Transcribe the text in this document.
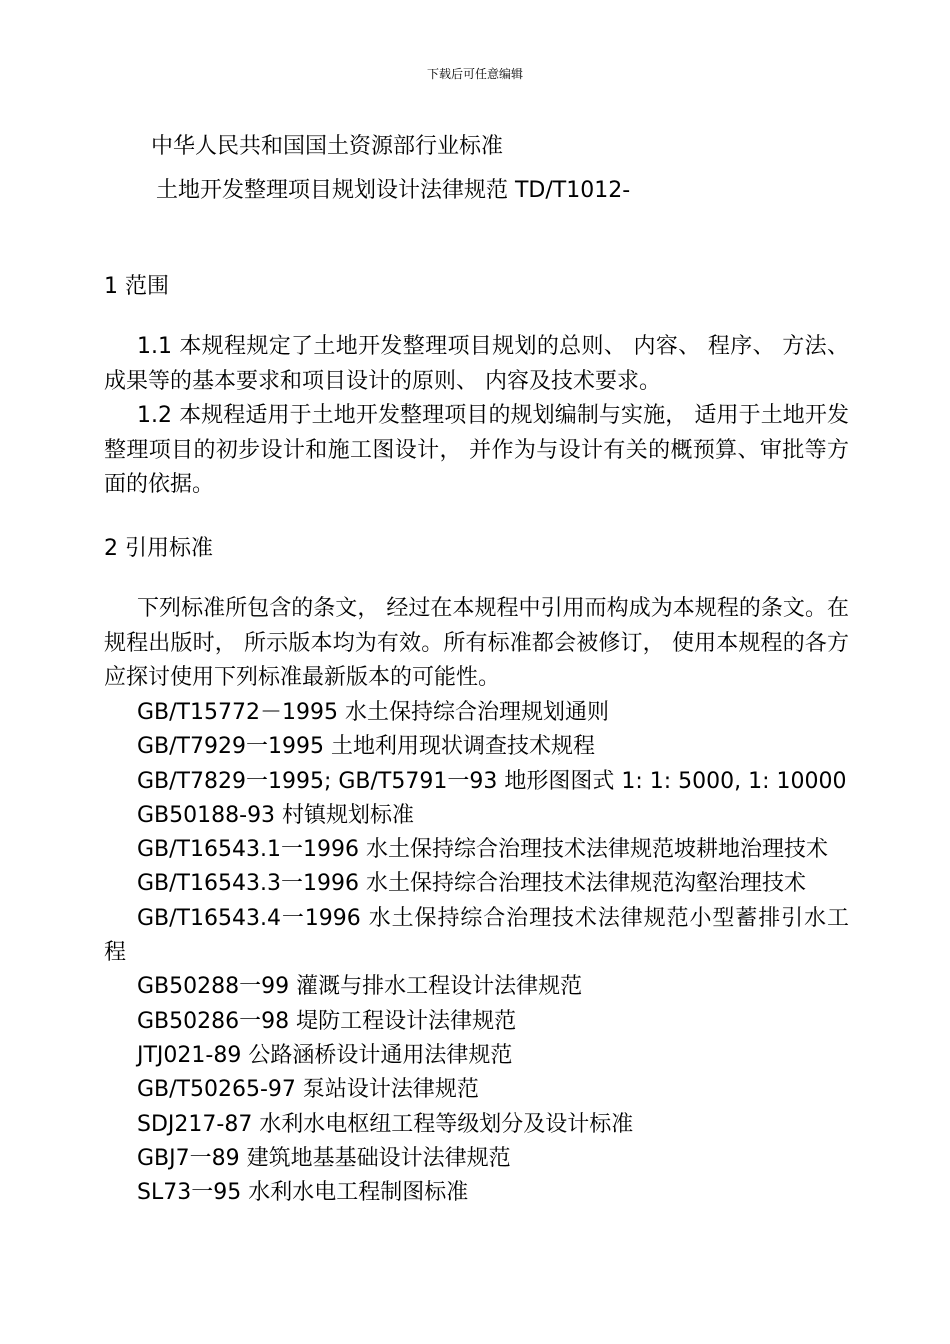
下载后可任意编辑
中华人民共和国国土资源部行业标准
土地开发整理项目规划设计法律规范 TD/T1012-
1 范围

1.1 本规程规定了土地开发整理项目规划的总则、 内容、 程序、 方法、 成果等的基本要求和项目设计的原则、 内容及技术要求。

1.2 本规程适用于土地开发整理项目的规划编制与实施， 适用于土地开发整理项目的初步设计和施工图设计， 并作为与设计有关的概预算、审批等方面的依据。

2 引用标准

下列标准所包含的条文， 经过在本规程中引用而构成为本规程的条文。在规程出版时， 所示版本均为有效。所有标准都会被修订， 使用本规程的各方应探讨使用下列标准最新版本的可能性。

GB/T15772－1995 水土保持综合治理规划通则
GB/T7929一1995 土地利用现状调查技术规程
GB/T7829一1995; GB/T5791一93 地形图图式 1: 1: 5000, 1: 10000
GB50188-93 村镇规划标准
GB/T16543.1一1996 水土保持综合治理技术法律规范坡耕地治理技术
GB/T16543.3一1996 水土保持综合治理技术法律规范沟壑治理技术
GB/T16543.4一1996 水土保持综合治理技术法律规范小型蓄排引水工程
GB50288一99 灌溉与排水工程设计法律规范
GB50286一98 堤防工程设计法律规范
JTJ021-89 公路涵桥设计通用法律规范
GB/T50265-97 泵站设计法律规范
SDJ217-87 水利水电枢纽工程等级划分及设计标准
GBJ7一89 建筑地基基础设计法律规范
SL73一95 水利水电工程制图标准
